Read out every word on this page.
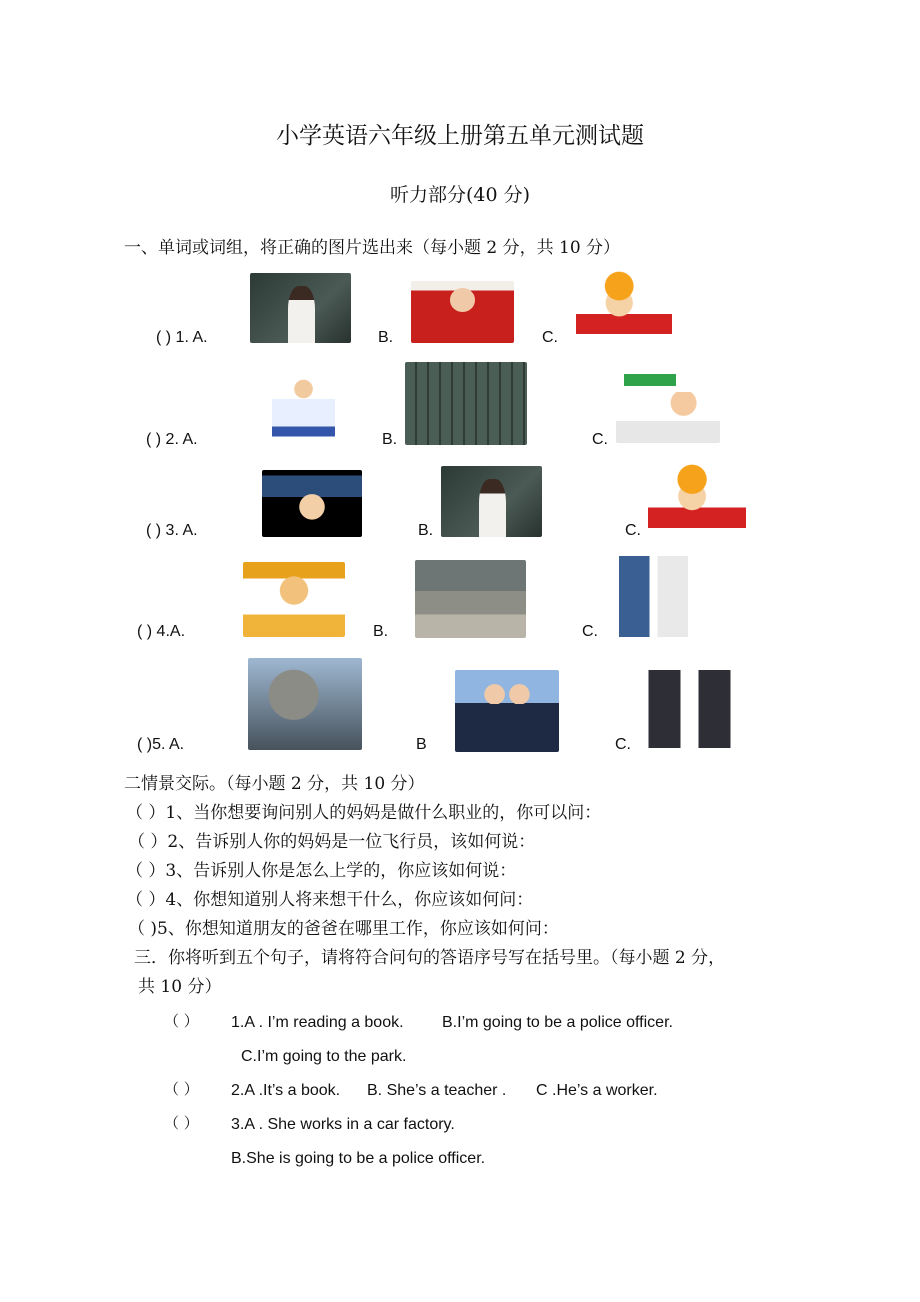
小学英语六年级上册第五单元测试题
听力部分(40 分)
一、单词或词组，将正确的图片选出来（每小题 2 分，共 10 分）
( ) 1. A.	B.	C.
( ) 2. A.	B.	C.
( ) 3. A.	B.	C.
( ) 4.A.	B.	C.
( )5. A.	B	C.
二情景交际。（每小题 2 分，共 10 分）
（ ）1、当你想要询问别人的妈妈是做什么职业的，你可以问：
（ ）2、告诉别人你的妈妈是一位飞行员，该如何说：
（ ）3、告诉别人你是怎么上学的，你应该如何说：
（ ）4、你想知道别人将来想干什么，你应该如何问：
（ )5、你想知道朋友的爸爸在哪里工作，你应该如何问：
三．你将听到五个句子，请将符合问句的答语序号写在括号里。（每小题 2 分，
共 10 分）
（ ） 1.A . I’m reading a book. B.I’m going to be a police officer.
C.I’m going to the park.
（ ） 2.A .It’s a book. B. She’s a teacher . C .He’s a worker.
（ ） 3.A . She works in a car factory.
B.She is going to be a police officer.
